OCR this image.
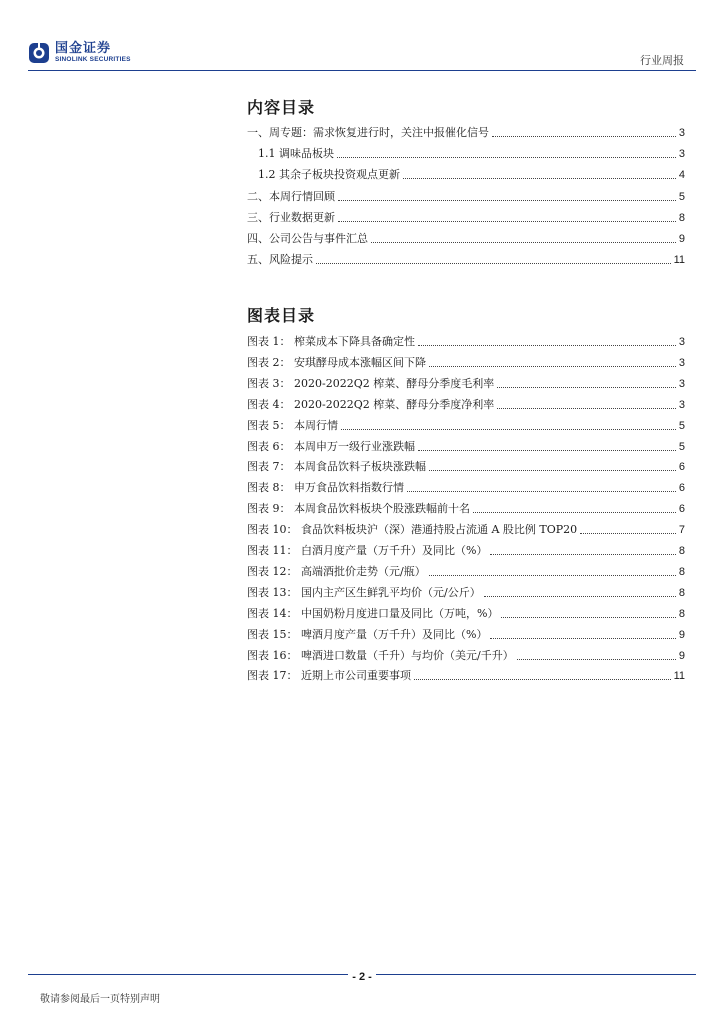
国金证券
SINOLINK SECURITIES	行业周报
内容目录
一、周专题：需求恢复进行时，关注中报催化信号	3
1.1 调味品板块	3
1.2 其余子板块投资观点更新	4
二、本周行情回顾	5
三、行业数据更新	8
四、公司公告与事件汇总	9
五、风险提示	11
图表目录
图表 1： 榨菜成本下降具备确定性	3
图表 2： 安琪酵母成本涨幅区间下降	3
图表 3： 2020-2022Q2 榨菜、酵母分季度毛利率	3
图表 4： 2020-2022Q2 榨菜、酵母分季度净利率	3
图表 5： 本周行情	5
图表 6： 本周申万一级行业涨跌幅	5
图表 7： 本周食品饮料子板块涨跌幅	6
图表 8： 申万食品饮料指数行情	6
图表 9： 本周食品饮料板块个股涨跌幅前十名	6
图表 10： 食品饮料板块沪（深）港通持股占流通 A 股比例 TOP20	7
图表 11： 白酒月度产量（万千升）及同比（%）	8
图表 12： 高端酒批价走势（元/瓶）	8
图表 13： 国内主产区生鲜乳平均价（元/公斤）	8
图表 14： 中国奶粉月度进口量及同比（万吨，%）	8
图表 15： 啤酒月度产量（万千升）及同比（%）	9
图表 16： 啤酒进口数量（千升）与均价（美元/千升）	9
图表 17： 近期上市公司重要事项	11
- 2 -
敬请参阅最后一页特别声明
